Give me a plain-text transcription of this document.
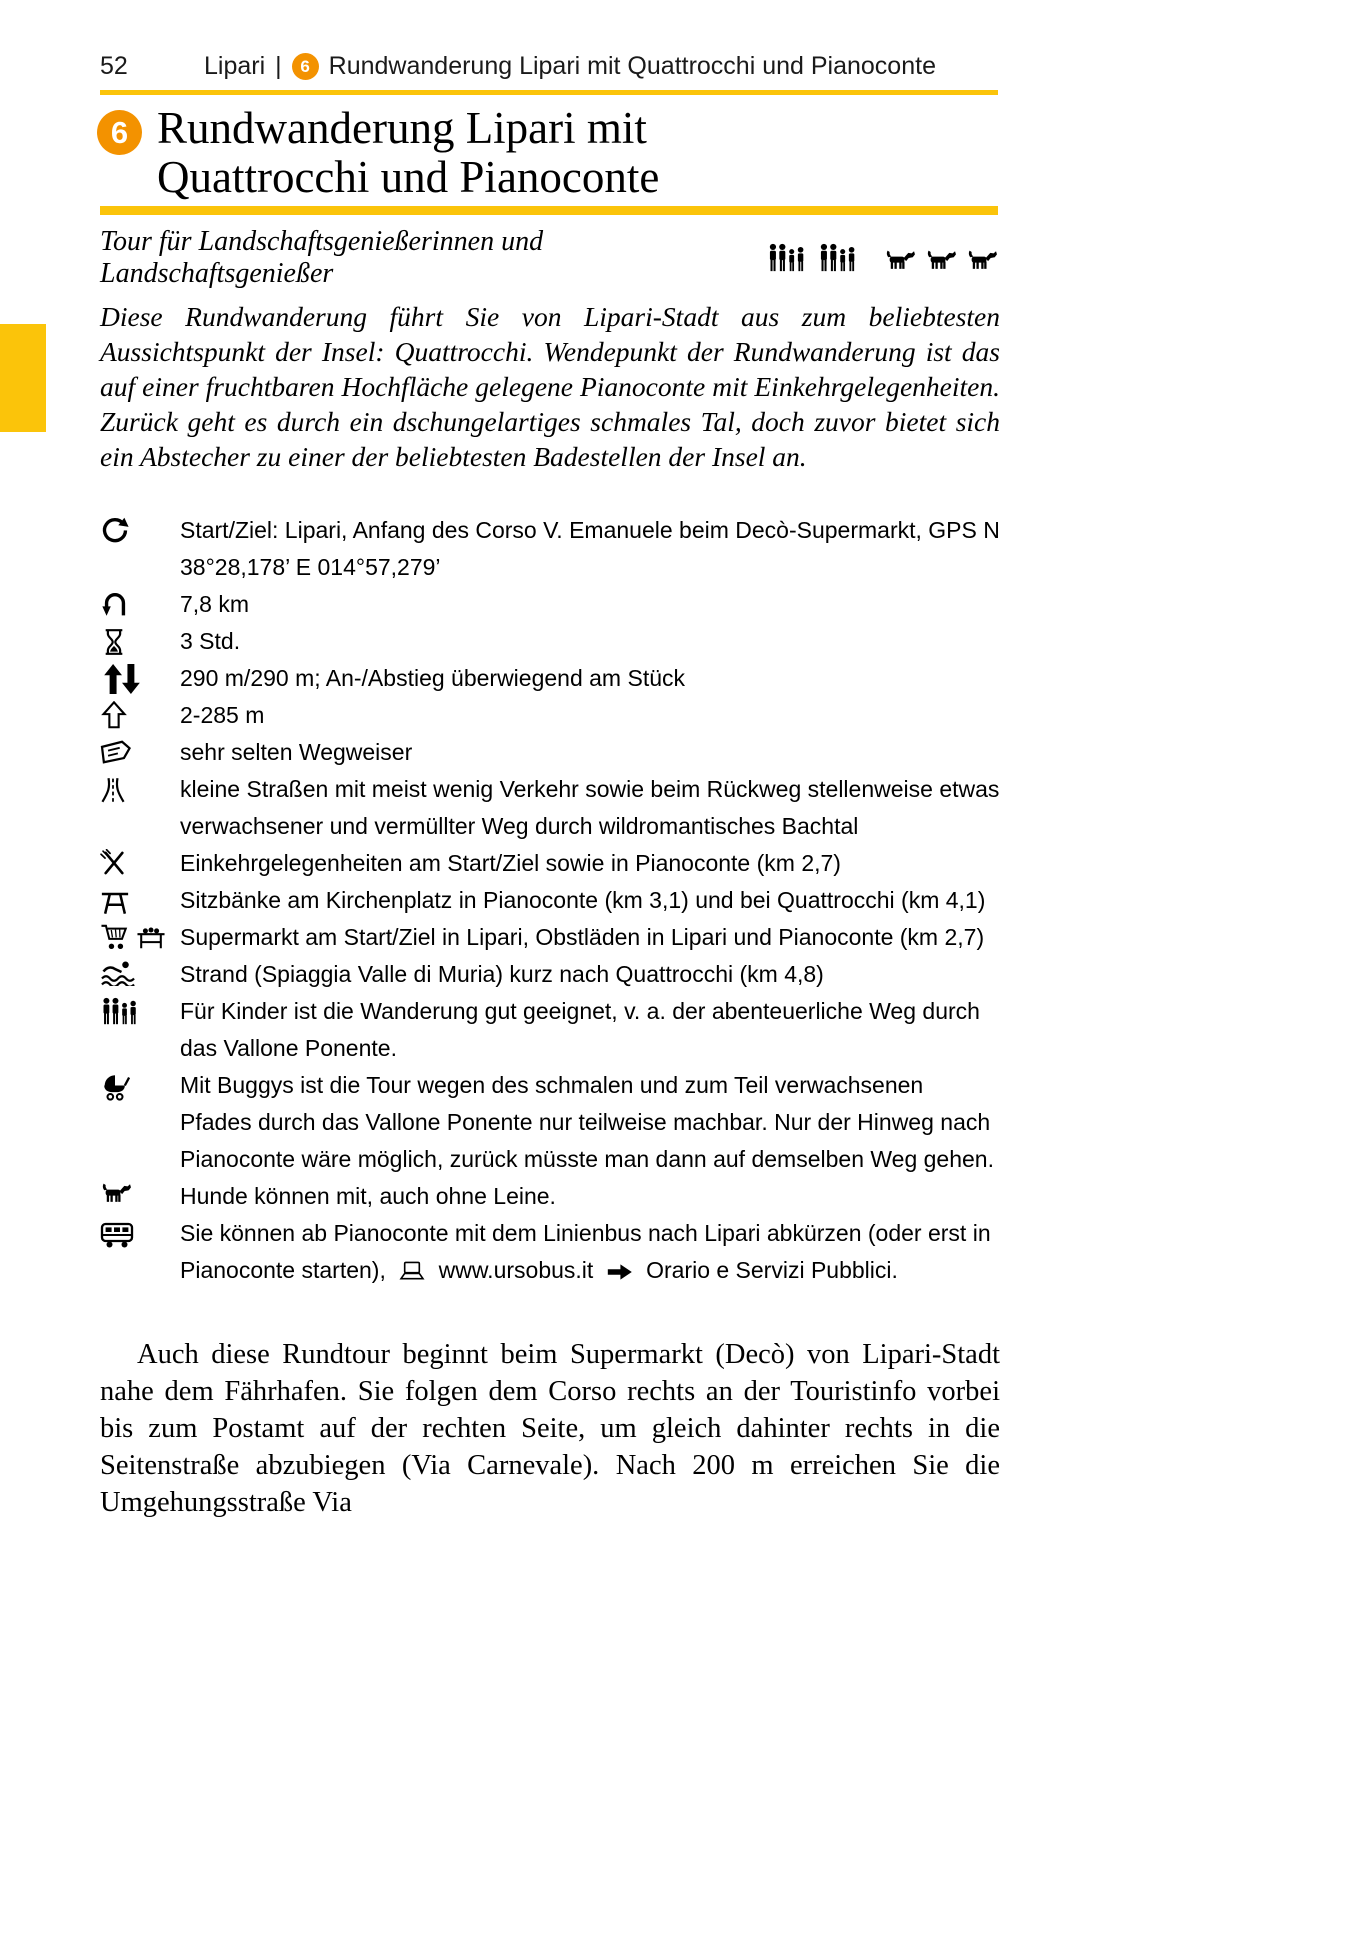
52	Lipari |	6 Rundwanderung Lipari mit Quattrocchi und Pianoconte
6 Rundwanderung Lipari mit
Quattrocchi und Pianoconte
Tour für Landschaftsgenießerinnen und Landschaftsgenießer
Diese Rundwanderung führt Sie von Lipari-Stadt aus zum beliebtesten Aussichtspunkt der Insel: Quattrocchi. Wendepunkt der Rundwanderung ist das auf einer fruchtbaren Hochfläche gelegene Pianoconte mit Einkehrgelegenheiten. Zurück geht es durch ein dschungelartiges schmales Tal, doch zuvor bietet sich ein Abstecher zu einer der beliebtesten Badestellen der Insel an.
Start/Ziel: Lipari, Anfang des Corso V. Emanuele beim Decò-Supermarkt, GPS N 38°28,178’ E 014°57,279’
7,8 km
3 Std.
290 m/290 m; An-/Abstieg überwiegend am Stück
2-285 m
sehr selten Wegweiser
kleine Straßen mit meist wenig Verkehr sowie beim Rückweg stellenweise etwas verwachsener und vermüllter Weg durch wildromantisches Bachtal
Einkehrgelegenheiten am Start/Ziel sowie in Pianoconte (km 2,7)
Sitzbänke am Kirchenplatz in Pianoconte (km 3,1) und bei Quattrocchi (km 4,1)
Supermarkt am Start/Ziel in Lipari, Obstläden in Lipari und Pianoconte (km 2,7)
Strand (Spiaggia Valle di Muria) kurz nach Quattrocchi (km 4,8)
Für Kinder ist die Wanderung gut geeignet, v. a. der abenteuerliche Weg durch das Vallone Ponente.
Mit Buggys ist die Tour wegen des schmalen und zum Teil verwachsenen Pfades durch das Vallone Ponente nur teilweise machbar. Nur der Hinweg nach Pianoconte wäre möglich, zurück müsste man dann auf demselben Weg gehen.
Hunde können mit, auch ohne Leine.
Sie können ab Pianoconte mit dem Linienbus nach Lipari abkürzen (oder erst in Pianoconte starten), www.ursobus.it Orario e Servizi Pubblici.
Auch diese Rundtour beginnt beim Supermarkt (Decò) von Lipari-Stadt nahe dem Fährhafen. Sie folgen dem Corso rechts an der Touristinfo vorbei bis zum Postamt auf der rechten Seite, um gleich dahinter rechts in die Seitenstraße abzubiegen (Via Carnevale). Nach 200 m erreichen Sie die Umgehungsstraße Via
